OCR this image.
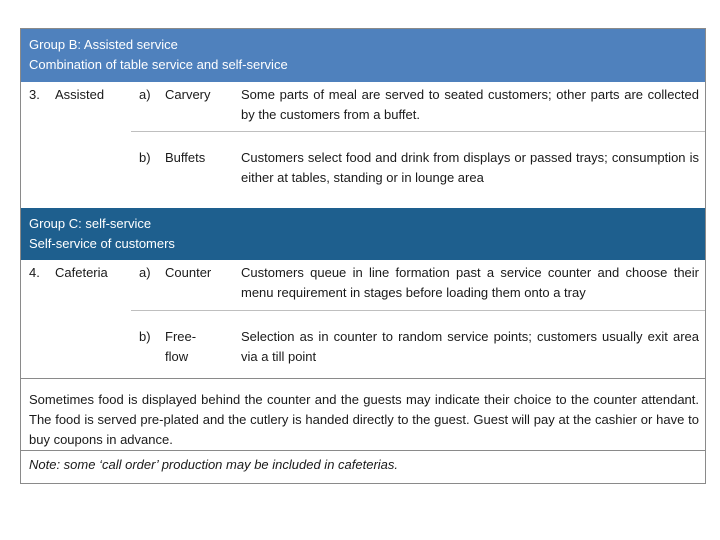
Group B: Assisted service
Combination of table service and self-service
3. Assisted	a) Carvery Some parts of meal are served to seated customers; other parts are collected by the customers from a buffet.
b) Buffets	Customers select food and drink from displays or passed trays; consumption is either at tables, standing or in lounge area
Group C: self-service
Self-service of customers
4. Cafeteria a) Counter Customers queue in line formation past a service counter and choose their menu requirement in stages before loading them onto a tray
b) Free-
flow
Selection as in counter to random service points; customers usually exit area via a till point
Sometimes food is displayed behind the counter and the guests may indicate their choice to the counter attendant. The food is served pre-plated and the cutlery is handed directly to the guest. Guest will pay at the cashier or have to buy coupons in advance.
Note: some ‘call order’ production may be included in cafeterias.
